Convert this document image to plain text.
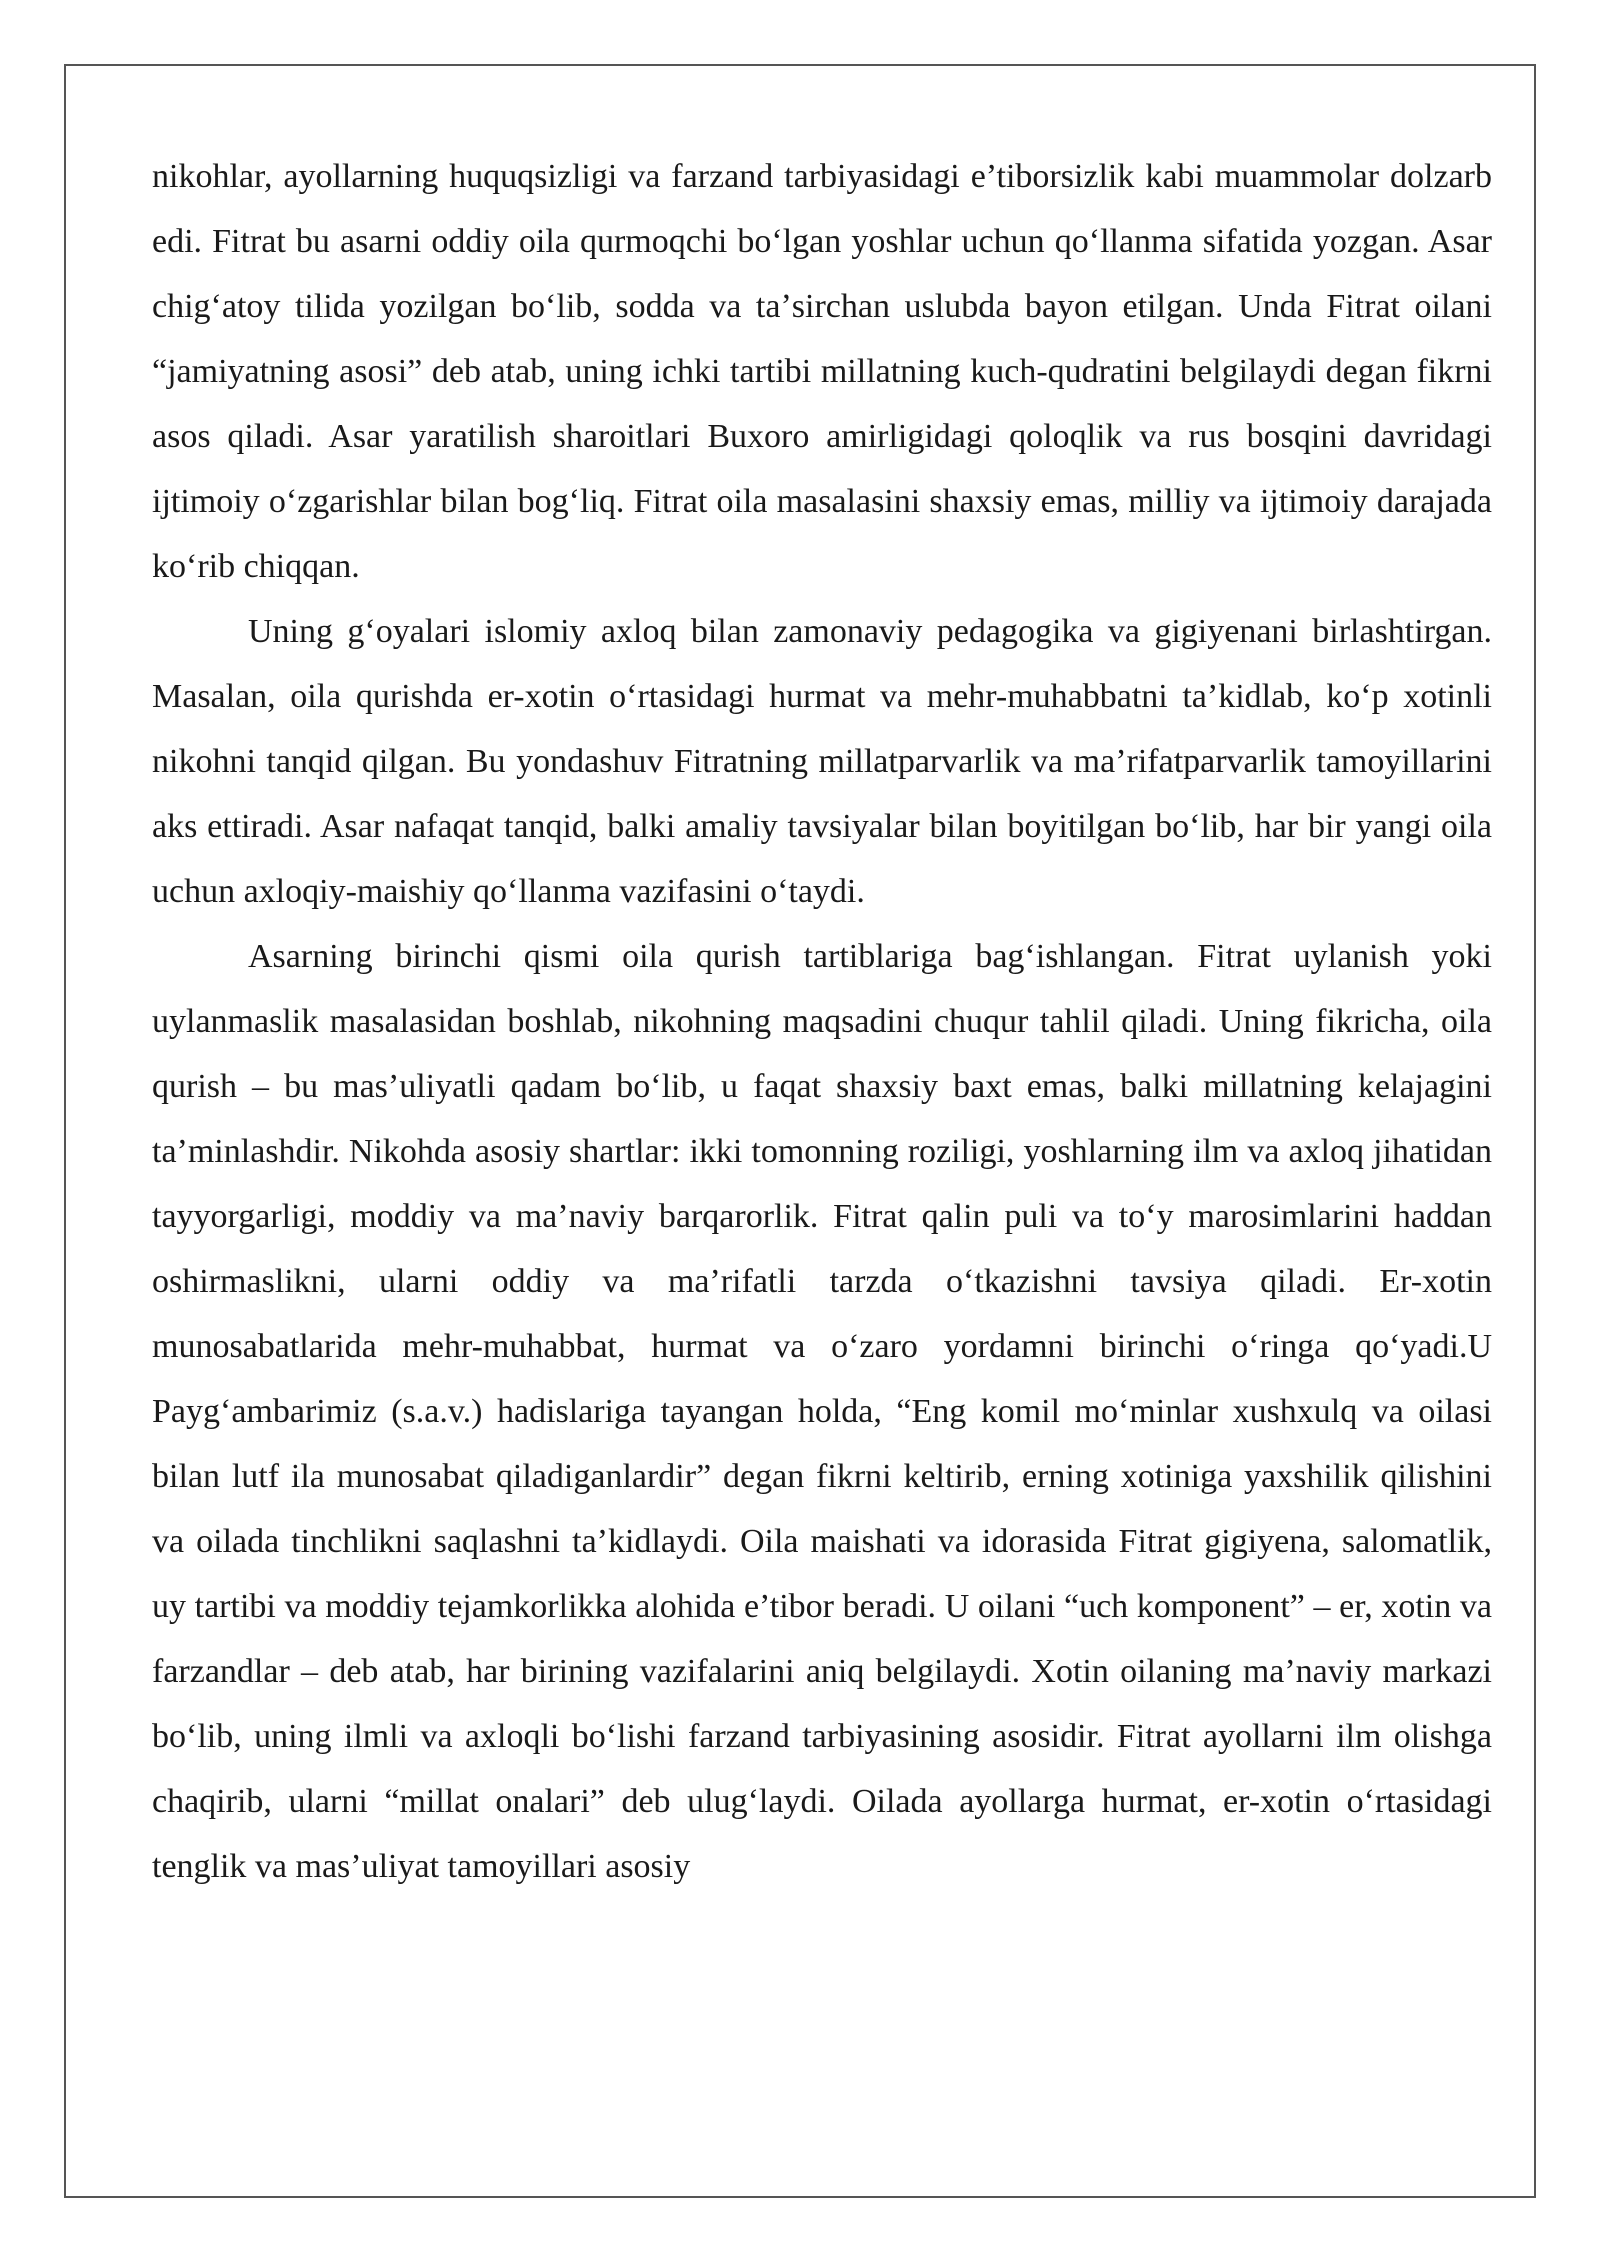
nikohlar, ayollarning huquqsizligi va farzand tarbiyasidagi e’tiborsizlik kabi muammolar dolzarb edi. Fitrat bu asarni oddiy oila qurmoqchi boʻlgan yoshlar uchun qoʻllanma sifatida yozgan. Asar chigʻatoy tilida yozilgan boʻlib, sodda va taʼsirchan uslubda bayon etilgan. Unda Fitrat oilani “jamiyatning asosi” deb atab, uning ichki tartibi millatning kuch-qudratini belgilaydi degan fikrni asos qiladi. Asar yaratilish sharoitlari Buxoro amirligidagi qoloqlik va rus bosqini davridagi ijtimoiy oʻzgarishlar bilan bogʻliq. Fitrat oila masalasini shaxsiy emas, milliy va ijtimoiy darajada koʻrib chiqqan.

Uning gʻoyalari islomiy axloq bilan zamonaviy pedagogika va gigiyenani birlashtirgan. Masalan, oila qurishda er-xotin oʻrtasidagi hurmat va mehr-muhabbatni ta’kidlab, koʻp xotinli nikohni tanqid qilgan. Bu yondashuv Fitratning millatparvarlik va ma’rifatparvarlik tamoyillarini aks ettiradi. Asar nafaqat tanqid, balki amaliy tavsiyalar bilan boyitilgan boʻlib, har bir yangi oila uchun axloqiy-maishiy qoʻllanma vazifasini oʻtaydi.

Asarning birinchi qismi oila qurish tartiblariga bagʻishlangan. Fitrat uylanish yoki uylanmaslik masalasidan boshlab, nikohning maqsadini chuqur tahlil qiladi. Uning fikricha, oila qurish – bu mas’uliyatli qadam boʻlib, u faqat shaxsiy baxt emas, balki millatning kelajagini ta’minlashdir. Nikohda asosiy shartlar: ikki tomonning roziligi, yoshlarning ilm va axloq jihatidan tayyorgarligi, moddiy va ma’naviy barqarorlik. Fitrat qalin puli va toʻy marosimlarini haddan oshirmaslikni, ularni oddiy va ma’rifatli tarzda oʻtkazishni tavsiya qiladi. Er-xotin munosabatlarida mehr-muhabbat, hurmat va oʻzaro yordamni birinchi oʻringa qoʻyadi.U Paygʻambarimiz (s.a.v.) hadislariga tayangan holda, “Eng komil moʻminlar xushxulq va oilasi bilan lutf ila munosabat qiladiganlardir” degan fikrni keltirib, erning xotiniga yaxshilik qilishini va oilada tinchlikni saqlashni ta’kidlaydi. Oila maishati va idorasida Fitrat gigiyena, salomatlik, uy tartibi va moddiy tejamkorlikka alohida e’tibor beradi. U oilani “uch komponent” – er, xotin va farzandlar – deb atab, har birining vazifalarini aniq belgilaydi. Xotin oilaning ma’naviy markazi boʻlib, uning ilmli va axloqli boʻlishi farzand tarbiyasining asosidir. Fitrat ayollarni ilm olishga chaqirib, ularni “millat onalari” deb ulugʻlaydi. Oilada ayollarga hurmat, er-xotin oʻrtasidagi tenglik va mas’uliyat tamoyillari asosiy
